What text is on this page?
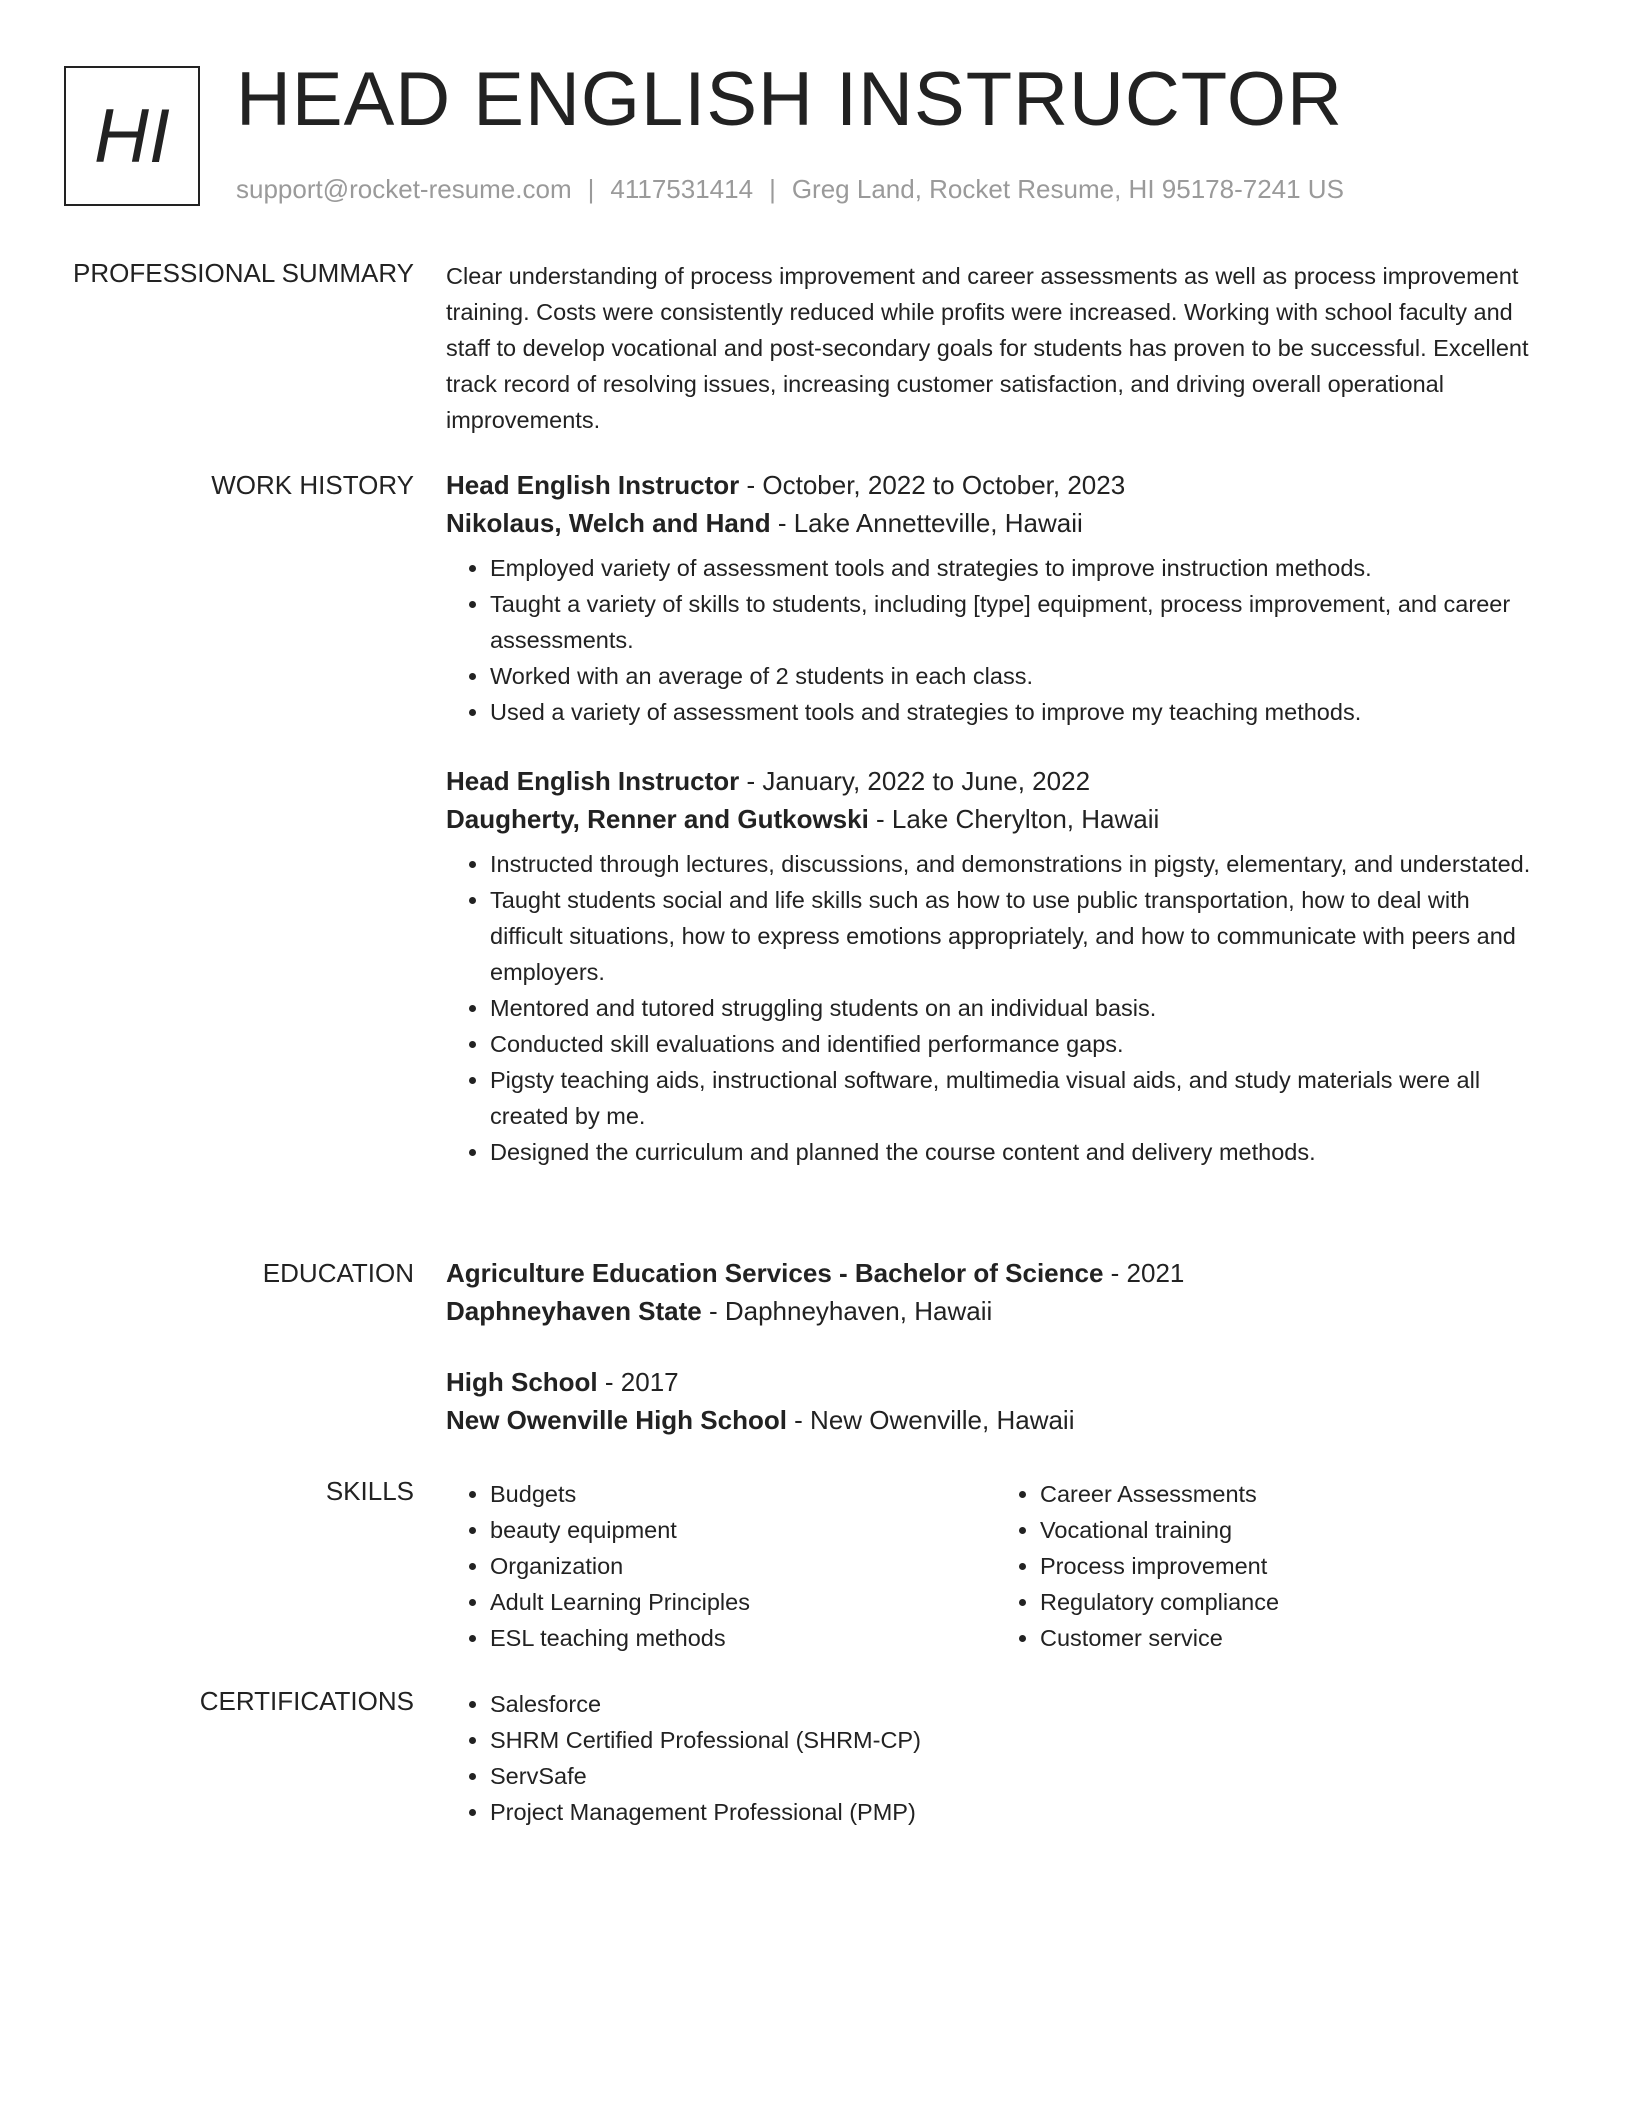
HI HEAD ENGLISH INSTRUCTOR
support@rocket-resume.com | 4117531414 | Greg Land, Rocket Resume, HI 95178-7241 US
PROFESSIONAL SUMMARY Clear understanding of process improvement and career assessments as well as process improvement training. Costs were consistently reduced while profits were increased. Working with school faculty and staff to develop vocational and post-secondary goals for students has proven to be successful. Excellent track record of resolving issues, increasing customer satisfaction, and driving overall operational improvements.

WORK HISTORY Head English Instructor - October, 2022 to October, 2023

Nikolaus, Welch and Hand - Lake Annetteville, Hawaii

• Employed variety of assessment tools and strategies to improve instruction methods.
• Taught a variety of skills to students, including [type] equipment, process improvement, and career assessments.
• Worked with an average of 2 students in each class.
• Used a variety of assessment tools and strategies to improve my teaching methods.

Head English Instructor - January, 2022 to June, 2022

Daugherty, Renner and Gutkowski - Lake Cherylton, Hawaii

• Instructed through lectures, discussions, and demonstrations in pigsty, elementary, and understated.
• Taught students social and life skills such as how to use public transportation, how to deal with difficult situations, how to express emotions appropriately, and how to communicate with peers and employers.
• Mentored and tutored struggling students on an individual basis.
• Conducted skill evaluations and identified performance gaps.
• Pigsty teaching aids, instructional software, multimedia visual aids, and study materials were all created by me.
• Designed the curriculum and planned the course content and delivery methods.
EDUCATION Agriculture Education Services - Bachelor of Science - 2021

Daphneyhaven State - Daphneyhaven, Hawaii

High School - 2017

New Owenville High School - New Owenville, Hawaii

SKILLS	• Budgets
• beauty equipment
• Organization
• Adult Learning Principles
• ESL teaching methods
• Career Assessments
• Vocational training
• Process improvement
• Regulatory compliance
• Customer service
CERTIFICATIONS	• Salesforce
• SHRM Certified Professional (SHRM-CP)
• ServSafe
• Project Management Professional (PMP)
